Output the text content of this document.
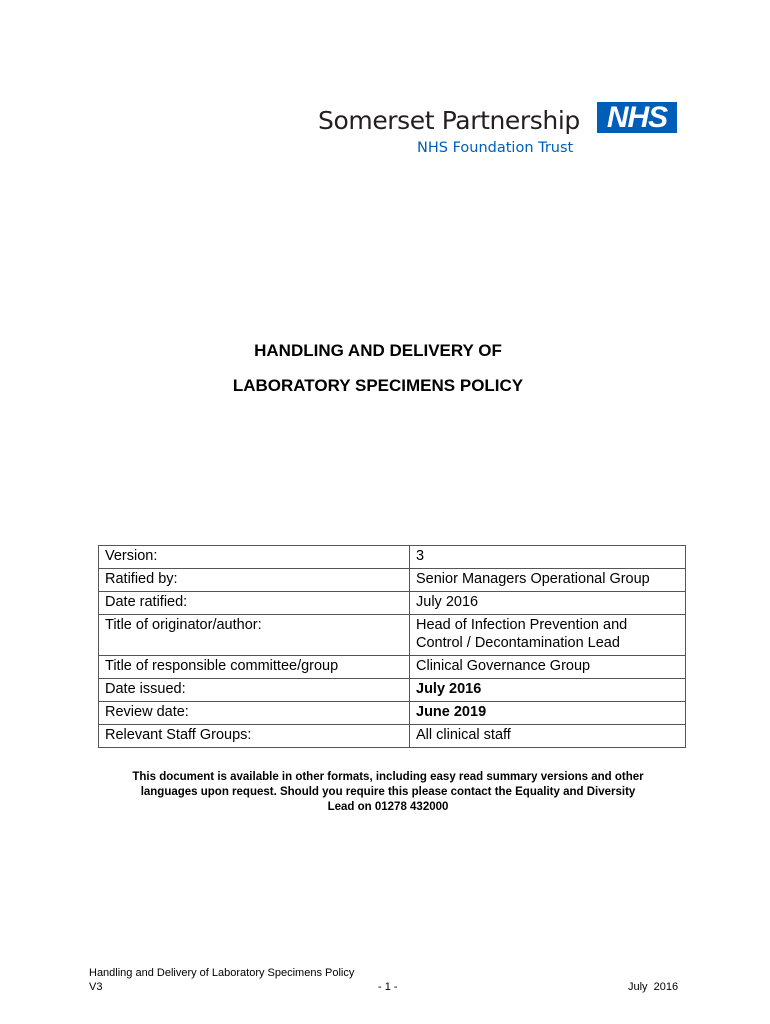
Somerset Partnership NHS
NHS Foundation Trust
HANDLING AND DELIVERY OF
LABORATORY SPECIMENS POLICY
Version:	3
Ratified by:	Senior Managers Operational Group
Date ratified:	July 2016
Title of originator/author:	Head of Infection Prevention and
Control / Decontamination Lead
Title of responsible committee/group	Clinical Governance Group
Date issued:	July 2016
Review date:	June 2019
Relevant Staff Groups:	All clinical staff
This document is available in other formats, including easy read summary versions and other
languages upon request. Should you require this please contact the Equality and Diversity
Lead on 01278 432000
Handling and Delivery of Laboratory Specimens Policy
V3	- 1 -	July  2016
